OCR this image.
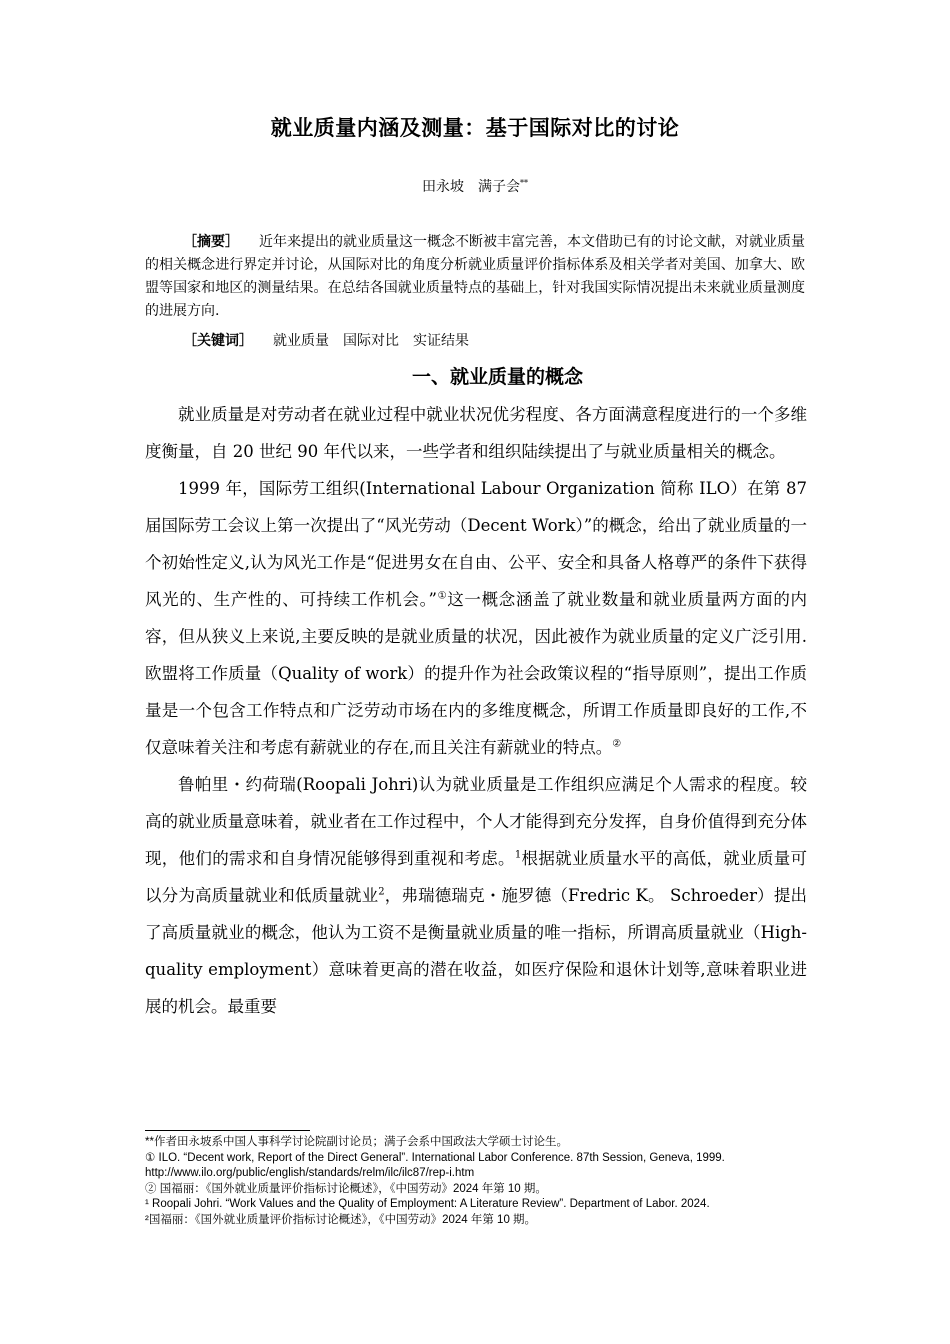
就业质量内涵及测量：基于国际对比的讨论
田永坡　满子会**
［摘要］ 近年来提出的就业质量这一概念不断被丰富完善，本文借助已有的讨论文献，对就业质量的相关概念进行界定并讨论，从国际对比的角度分析就业质量评价指标体系及相关学者对美国、加拿大、欧盟等国家和地区的测量结果。在总结各国就业质量特点的基础上，针对我国实际情况提出未来就业质量测度的进展方向.
［关键词］ 就业质量 国际对比 实证结果
一、就业质量的概念

就业质量是对劳动者在就业过程中就业状况优劣程度、各方面满意程度进行的一个多维度衡量，自 20 世纪 90 年代以来，一些学者和组织陆续提出了与就业质量相关的概念。

1999 年，国际劳工组织(International Labour Organization 简称 ILO）在第 87 届国际劳工会议上第一次提出了“风光劳动（Decent Work）”的概念，给出了就业质量的一个初始性定义,认为风光工作是“促进男女在自由、公平、安全和具备人格尊严的条件下获得风光的、生产性的、可持续工作机会。”①这一概念涵盖了就业数量和就业质量两方面的内容，但从狭义上来说,主要反映的是就业质量的状况，因此被作为就业质量的定义广泛引用.欧盟将工作质量（Quality of work）的提升作为社会政策议程的“指导原则”，提出工作质量是一个包含工作特点和广泛劳动市场在内的多维度概念，所谓工作质量即良好的工作,不仅意味着关注和考虑有薪就业的存在,而且关注有薪就业的特点。②

鲁帕里・约荷瑞(Roopali Johri)认为就业质量是工作组织应满足个人需求的程度。较高的就业质量意味着，就业者在工作过程中，个人才能得到充分发挥，自身价值得到充分体现，他们的需求和自身情况能够得到重视和考虑。$^1$根据就业质量水平的高低，就业质量可以分为高质量就业和低质量就业$^2$，弗瑞德瑞克・施罗德（Fredric K。 Schroeder）提出了高质量就业的概念，他认为工资不是衡量就业质量的唯一指标，所谓高质量就业（High-quality employment）意味着更高的潜在收益，如医疗保险和退休计划等,意味着职业进展的机会。最重要

**作者田永坡系中国人事科学讨论院副讨论员；满子会系中国政法大学硕士讨论生。
① ILO. “Decent work, Report of the Direct General”. International Labor Conference. 87th Session, Geneva, 1999. http://www.ilo.org/public/english/standards/relm/ilc/ilc87/rep-i.htm
② 国福丽：《国外就业质量评价指标讨论概述》，《中国劳动》2024 年第 10 期。
¹ Roopali Johri. “Work Values and the Quality of Employment: A Literature Review”. Department of Labor. 2024.
²国福丽：《国外就业质量评价指标讨论概述》，《中国劳动》2024 年第 10 期。
